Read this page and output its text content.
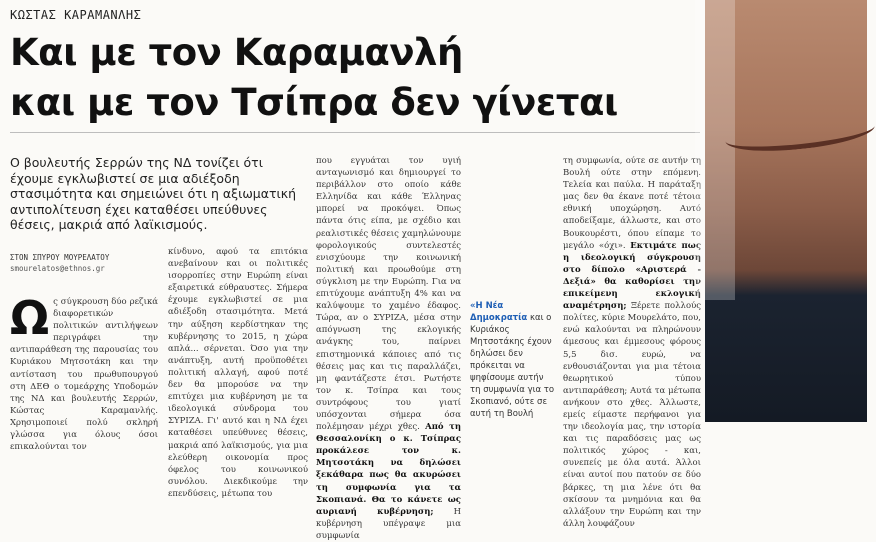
ΚΩΣΤΑΣ ΚΑΡΑΜΑΝΛΗΣ
Και με τον Καραμανλή
και με τον Τσίπρα δεν γίνεται
Ο βουλευτής Σερρών της ΝΔ τονίζει ότι έχουμε εγκλωβιστεί σε μια αδιέξοδη στασιμότητα και σημειώνει ότι η αξιωματική αντιπολίτευση έχει καταθέσει υπεύθυνες θέσεις, μακριά από λαϊκισμούς.
ΣΤΟΝ ΣΠΥΡΟΥ ΜΟΥΡΕΛΑΤΟΥ
smourelatos@ethnos.gr
Ω ς σύγκρουση δύο ρεζικά διαφορετικών πολιτικών αντιλήψεων περιγράφει την αντιπαράθεση της παρουσίας του Κυριάκου Μητσοτάκη και την αντίσταση του πρωθυπουργού στη ΔΕΘ ο τομεάρχης Υποδομών της ΝΔ και βουλευτής Σερρών, Κώστας Καραμανλής. Χρησιμοποιεί πολύ σκληρή γλώσσα για όλους όσοι επικαλούνται τον
κίνδυνο, αφού τα επιτόκια ανεβαίνουν και οι πολιτικές ισορροπίες στην Ευρώπη είναι εξαιρετικά εύθραυστες. Σήμερα έχουμε εγκλωβιστεί σε μια αδιέξοδη στασιμότητα. Μετά την αύξηση κερδίστηκαν της κυβέρνησης το 2015, η χώρα απλά... σέρνεται. Όσο για την ανάπτυξη, αυτή προϋποθέτει πολιτική αλλαγή, αφού ποτέ δεν θα μπορούσε να την επιτύχει μια κυβέρνηση με τα ιδεολογικά σύνδρομα του ΣΥΡΙΖΑ. Γι' αυτό και η ΝΔ έχει καταθέσει υπεύθυνες θέσεις, μακριά από λαϊκισμούς, για μια ελεύθερη οικονομία προς όφελος του κοινωνικού συνόλου. Διεκδικούμε την επενδύσεις, μέτωπα του
που εγγυάται τον υγιή ανταγωνισμό και δημιουργεί το περιβάλλον στο οποίο κάθε Ελληνίδα και κάθε Έλληνας μπορεί να προκόψει. Όπως πάντα ότις είπα, με σχέδιο και ρεαλιστικές θέσεις χαμηλώνουμε φορολογικούς συντελεστές ενισχύουμε την κοινωνική πολιτική και προωθούμε στη σύγκλιση με την Ευρώπη. Για να επιτύχουμε ανάπτυξη 4% και να καλύψουμε το χαμένο έδαφος. Τώρα, αν ο ΣΥΡΙΖΑ, μέσα στην απόγνωση της εκλογικής ανάγκης του, παίρνει επιστημονικά κάποιες από τις θέσεις μας και τις παραλλάζει, μη φαντάζεστε έτσι. Ρωτήστε τον κ. Τσίπρα και τους συντρόφους του γιατί υπόσχονται σήμερα όσα πολέμησαν μέχρι χθες. Από τη Θεσσαλονίκη ο κ. Τσίπρας προκάλεσε τον κ. Μητσοτάκη να δηλώσει ξεκάθαρα πως θα ακυρώσει τη συμφωνία για τα Σκοπιανά. Θα το κάνετε ως αυριανή κυβέρνηση; Η κυβέρνηση υπέγραψε μια συμφωνία
«Η Νέα Δημοκρατία και ο Κυριάκος Μητσοτάκης έχουν δηλώσει δεν πρόκειται να ψηφίσουμε αυτήν τη συμφωνία για το Σκοπιανό, ούτε σε αυτή τη Βουλή
τη συμφωνία, ούτε σε αυτήν τη Βουλή ούτε στην επόμενη. Τελεία και παύλα. Η παράταξη μας δεν θα έκανε ποτέ τέτοια εθνική υποχώρηση. Αυτό αποδείξαμε, άλλωστε, και στο Βουκουρέστι, όπου είπαμε το μεγάλο «όχι». Εκτιμάτε πως η ιδεολογική σύγκρουση στο δίπολο «Αριστερά - Δεξιά» θα καθορίσει την επικείμενη εκλογική αναμέτρηση; Ξέρετε πολλούς πολίτες, κύριε Μουρελάτο, που, ενώ καλούνται να πληρώνουν άμεσους και έμμεσους φόρους 5,5 δισ. ευρώ, να ενθουσιάζονται για μια τέτοια θεωρητικού τύπου αντιπαράθεση; Αυτά τα μέτωπα ανήκουν στο χθες. Άλλωστε, εμείς είμαστε περήφανοι για την ιδεολογία μας, την ιστορία και τις παραδόσεις μας ως πολιτικός χώρος - και, συνεπείς με όλα αυτά. Άλλοι είναι αυτοί που πατούν σε δύο βάρκες, τη μια λένε ότι θα σκίσουν τα μνημόνια και θα αλλάξουν την Ευρώπη και την άλλη λουφάζουν
